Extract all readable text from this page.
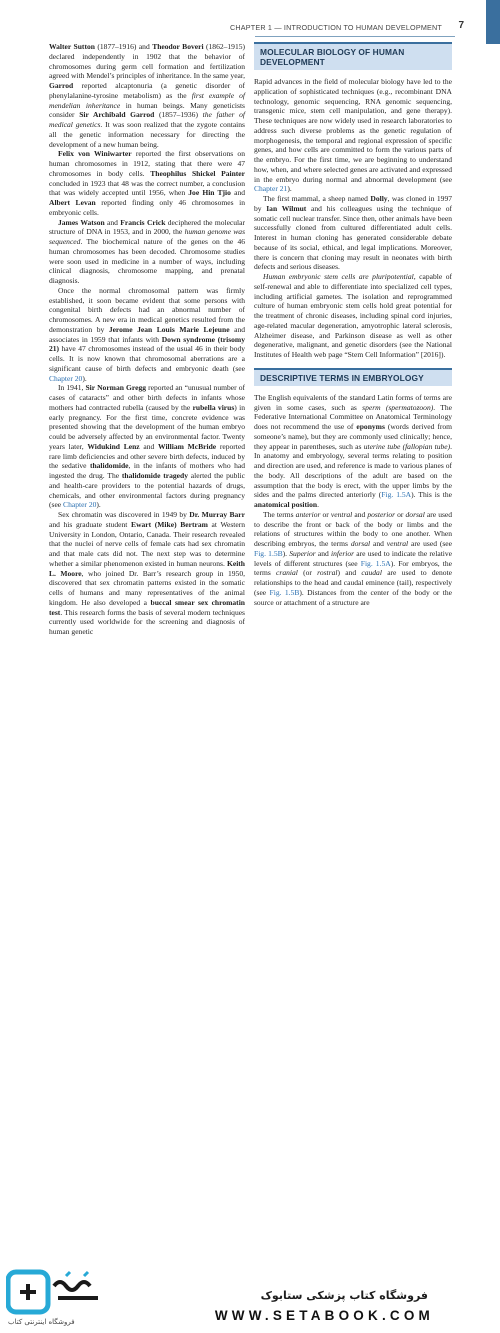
CHAPTER 1 — INTRODUCTION TO HUMAN DEVELOPMENT 7

Walter Sutton (1877–1916) and Theodor Boveri (1862–1915) declared independently in 1902 that the behavior of chromosomes during germ cell formation and fertilization agreed with Mendel’s principles of inheritance. In the same year, Garrod reported alcaptonuria (a genetic disorder of phenylalanine-tyrosine metabolism) as the first example of mendelian inheritance in human beings. Many geneticists consider Sir Archibald Garrod (1857–1936) the father of medical genetics. It was soon realized that the zygote contains all the genetic information necessary for directing the development of a new human being.

Felix von Winiwarter reported the first observations on human chromosomes in 1912, stating that there were 47 chromosomes in body cells. Theophilus Shickel Painter concluded in 1923 that 48 was the correct number, a conclusion that was widely accepted until 1956, when Joe Hin Tjio and Albert Levan reported finding only 46 chromosomes in embryonic cells.

James Watson and Francis Crick deciphered the molecular structure of DNA in 1953, and in 2000, the human genome was sequenced. The biochemical nature of the genes on the 46 human chromosomes has been decoded. Chromosome studies were soon used in medicine in a number of ways, including clinical diagnosis, chromosome mapping, and prenatal diagnosis.

Once the normal chromosomal pattern was firmly established, it soon became evident that some persons with congenital birth defects had an abnormal number of chromosomes. A new era in medical genetics resulted from the demonstration by Jerome Jean Louis Marie Lejeune and associates in 1959 that infants with Down syndrome (trisomy 21) have 47 chromosomes instead of the usual 46 in their body cells. It is now known that chromosomal aberrations are a significant cause of birth defects and embryonic death (see Chapter 20).

In 1941, Sir Norman Gregg reported an “unusual number of cases of cataracts” and other birth defects in infants whose mothers had contracted rubella (caused by the rubella virus) in early pregnancy. For the first time, concrete evidence was presented showing that the development of the human embryo could be adversely affected by an environmental factor. Twenty years later, Widukind Lenz and William McBride reported rare limb deficiencies and other severe birth defects, induced by the sedative thalidomide, in the infants of mothers who had ingested the drug. The thalidomide tragedy alerted the public and health-care providers to the potential hazards of drugs, chemicals, and other environmental factors during pregnancy (see Chapter 20).

Sex chromatin was discovered in 1949 by Dr. Murray Barr and his graduate student Ewart (Mike) Bertram at Western University in London, Ontario, Canada. Their research revealed that the nuclei of nerve cells of female cats had sex chromatin and that male cats did not. The next step was to determine whether a similar phenomenon existed in human neurons. Keith L. Moore, who joined Dr. Barr’s research group in 1950, discovered that sex chromatin patterns existed in the somatic cells of humans and many representatives of the animal kingdom. He also developed a buccal smear sex chromatin test. This research forms the basis of several modern techniques currently used worldwide for the screening and diagnosis of human genetic

MOLECULAR BIOLOGY OF HUMAN
DEVELOPMENT

Rapid advances in the field of molecular biology have led to the application of sophisticated techniques (e.g., recombinant DNA technology, genomic sequencing, RNA genomic sequencing, transgenic mice, stem cell manipulation, and gene therapy). These techniques are now widely used in research laboratories to address such diverse problems as the genetic regulation of morphogenesis, the temporal and regional expression of specific genes, and how cells are committed to form the various parts of the embryo. For the first time, we are beginning to understand how, when, and where selected genes are activated and expressed in the embryo during normal and abnormal development (see Chapter 21).

The first mammal, a sheep named Dolly, was cloned in 1997 by Ian Wilmut and his colleagues using the technique of somatic cell nuclear transfer. Since then, other animals have been successfully cloned from cultured differentiated adult cells. Interest in human cloning has generated considerable debate because of its social, ethical, and legal implications. Moreover, there is concern that cloning may result in neonates with birth defects and serious diseases.

Human embryonic stem cells are pluripotential, capable of self-renewal and able to differentiate into specialized cell types, including artificial gametes. The isolation and reprogrammed culture of human embryonic stem cells hold great potential for the treatment of chronic diseases, including spinal cord injuries, age-related macular degeneration, amyotrophic lateral sclerosis, Alzheimer disease, and Parkinson disease as well as other degenerative, malignant, and genetic disorders (see the National Institutes of Health web page “Stem Cell Information” [2016]).

DESCRIPTIVE TERMS IN EMBRYOLOGY

The English equivalents of the standard Latin forms of terms are given in some cases, such as sperm (spermatozoon). The Federative International Committee on Anatomical Terminology does not recommend the use of eponyms (words derived from someone’s name), but they are commonly used clinically; hence, they appear in parentheses, such as uterine tube (fallopian tube). In anatomy and embryology, several terms relating to position and direction are used, and reference is made to various planes of the body. All descriptions of the adult are based on the assumption that the body is erect, with the upper limbs by the sides and the palms directed anteriorly (Fig. 1.5A). This is the anatomical position.

The terms anterior or ventral and posterior or dorsal are used to describe the front or back of the body or limbs and the relations of structures within the body to one another. When describing embryos, the terms dorsal and ventral are used (see Fig. 1.5B). Superior and inferior are used to indicate the relative levels of different structures (see Fig. 1.5A). For embryos, the terms cranial (or rostral) and caudal are used to denote relationships to the head and caudal eminence (tail), respectively (see Fig. 1.5B). Distances from the center of the body or the source or attachment of a structure are

فروشگاه اینترنتی کتاب
فروشگاه کتاب پزشکی ستابوک
WWW.SETABOOK.COM
